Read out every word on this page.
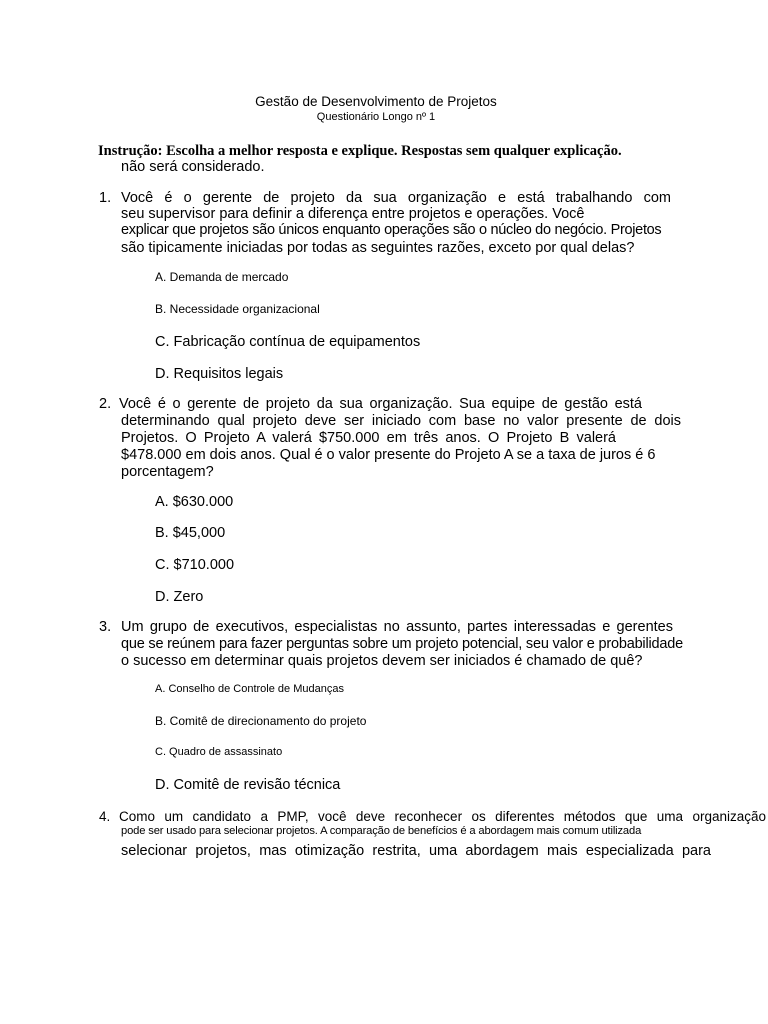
Gestão de Desenvolvimento de Projetos
Questionário Longo nº 1
Instrução: Escolha a melhor resposta e explique. Respostas sem qualquer explicação.
não será considerado.
1. Você é o gerente de projeto da sua organização e está trabalhando com
seu supervisor para definir a diferença entre projetos e operações. Você
explicar que projetos são únicos enquanto operações são o núcleo do negócio. Projetos
são tipicamente iniciadas por todas as seguintes razões, exceto por qual delas?
A. Demanda de mercado
B. Necessidade organizacional
C. Fabricação contínua de equipamentos
D. Requisitos legais
2. Você é o gerente de projeto da sua organização. Sua equipe de gestão está
determinando qual projeto deve ser iniciado com base no valor presente de dois
Projetos. O Projeto A valerá $750.000 em três anos. O Projeto B valerá
$478.000 em dois anos. Qual é o valor presente do Projeto A se a taxa de juros é 6
porcentagem?
A. $630.000
B. $45,000
C. $710.000
D. Zero
3. Um grupo de executivos, especialistas no assunto, partes interessadas e gerentes
que se reúnem para fazer perguntas sobre um projeto potencial, seu valor e probabilidade
o sucesso em determinar quais projetos devem ser iniciados é chamado de quê?
A. Conselho de Controle de Mudanças
B. Comitê de direcionamento do projeto
C. Quadro de assassinato
D. Comitê de revisão técnica
4. Como um candidato a PMP, você deve reconhecer os diferentes métodos que uma organização
pode ser usado para selecionar projetos. A comparação de benefícios é a abordagem mais comum utilizada
selecionar projetos, mas otimização restrita, uma abordagem mais especializada para
